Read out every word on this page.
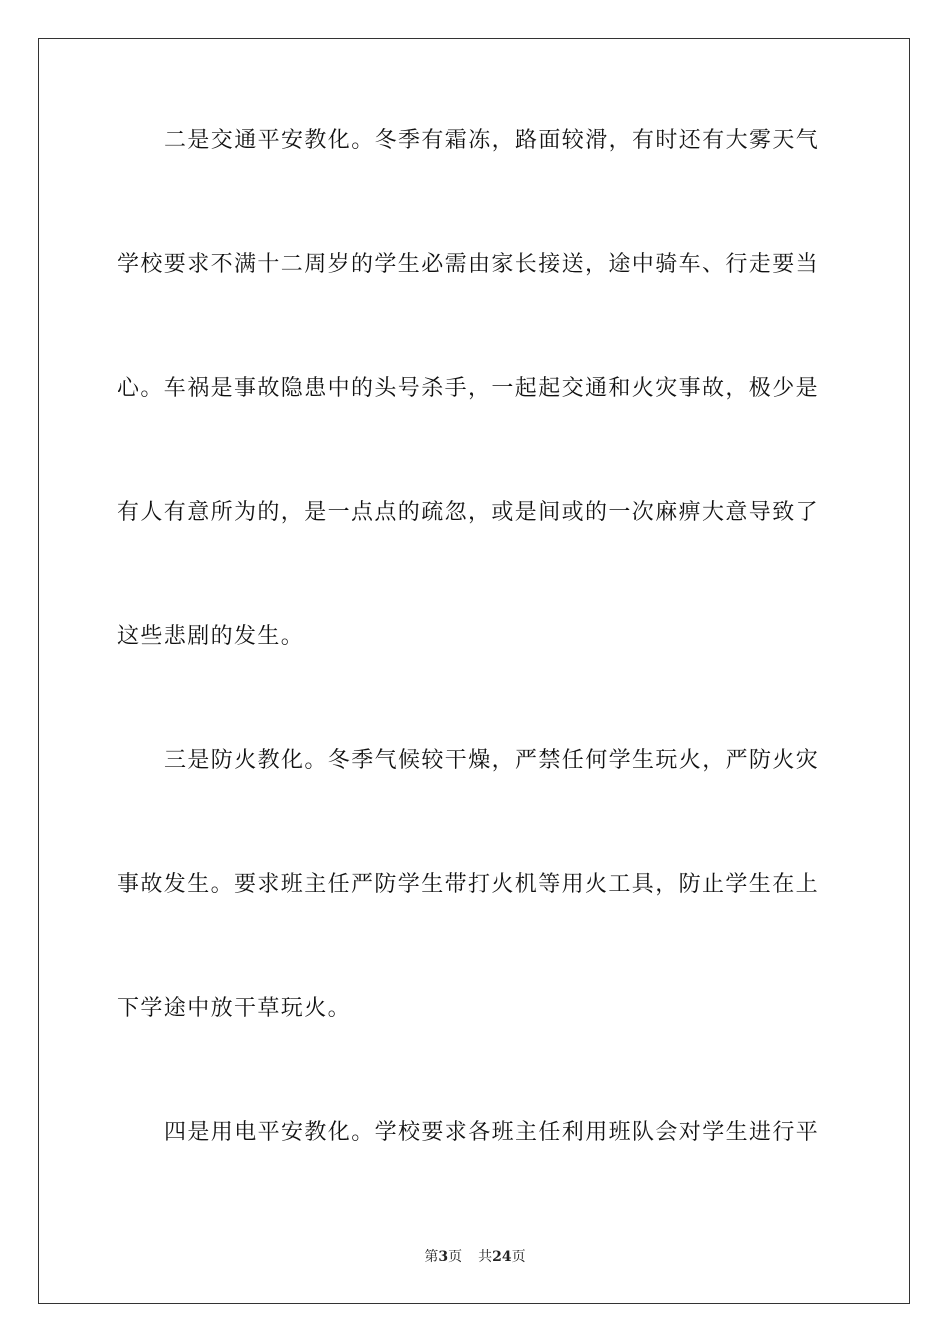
二是交通平安教化。冬季有霜冻，路面较滑，有时还有大雾天气
学校要求不满十二周岁的学生必需由家长接送，途中骑车、行走要当
心。车祸是事故隐患中的头号杀手，一起起交通和火灾事故，极少是
有人有意所为的，是一点点的疏忽，或是间或的一次麻痹大意导致了
这些悲剧的发生。
三是防火教化。冬季气候较干燥，严禁任何学生玩火，严防火灾
事故发生。要求班主任严防学生带打火机等用火工具，防止学生在上
下学途中放干草玩火。
四是用电平安教化。学校要求各班主任利用班队会对学生进行平
第3页 共24页
